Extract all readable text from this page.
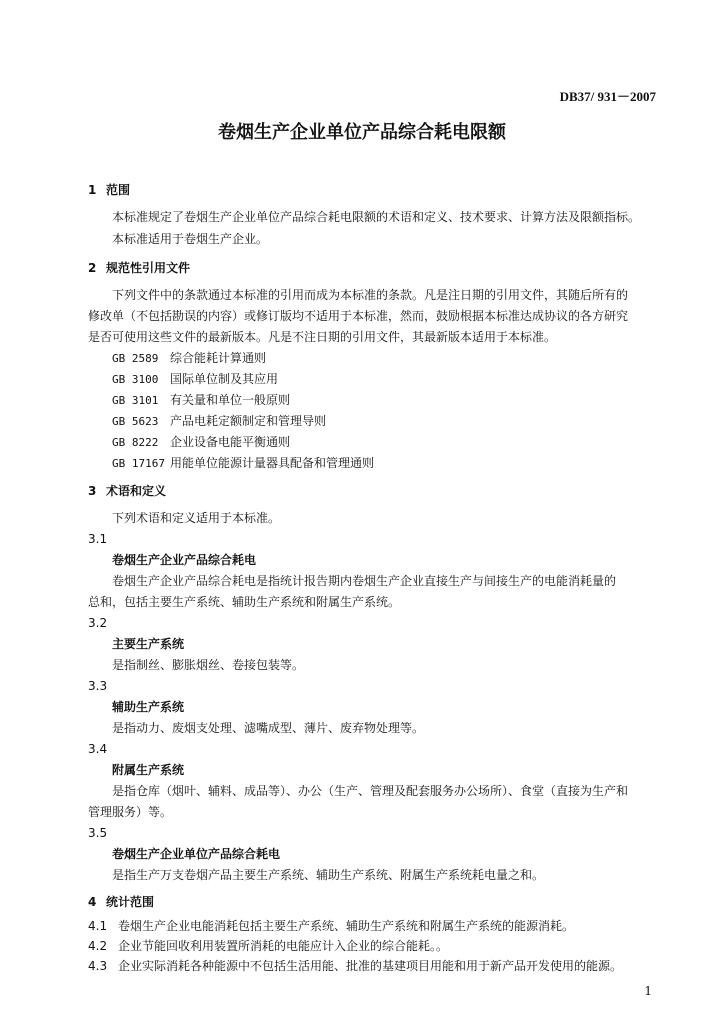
DB37/ 931－2007
卷烟生产企业单位产品综合耗电限额
1 范围
本标准规定了卷烟生产企业单位产品综合耗电限额的术语和定义、技术要求、计算方法及限额指标。
本标准适用于卷烟生产企业。
2 规范性引用文件
下列文件中的条款通过本标准的引用而成为本标准的条款。凡是注日期的引用文件，其随后所有的
修改单（不包括勘误的内容）或修订版均不适用于本标准，然而，鼓励根据本标准达成协议的各方研究
是否可使用这些文件的最新版本。凡是不注日期的引用文件，其最新版本适用于本标准。
GB 2589 综合能耗计算通则
GB 3100 国际单位制及其应用
GB 3101 有关量和单位一般原则
GB 5623 产品电耗定额制定和管理导则
GB 8222 企业设备电能平衡通则
GB 17167 用能单位能源计量器具配备和管理通则
3 术语和定义
下列术语和定义适用于本标准。
3.1
卷烟生产企业产品综合耗电
卷烟生产企业产品综合耗电是指统计报告期内卷烟生产企业直接生产与间接生产的电能消耗量的
总和，包括主要生产系统、辅助生产系统和附属生产系统。
3.2
主要生产系统
是指制丝、膨胀烟丝、卷接包装等。
3.3
辅助生产系统
是指动力、废烟支处理、滤嘴成型、薄片、废弃物处理等。
3.4
附属生产系统
是指仓库（烟叶、辅料、成品等）、办公（生产、管理及配套服务办公场所）、食堂（直接为生产和
管理服务）等。
3.5
卷烟生产企业单位产品综合耗电
是指生产万支卷烟产品主要生产系统、辅助生产系统、附属生产系统耗电量之和。
4 统计范围
4.1 卷烟生产企业电能消耗包括主要生产系统、辅助生产系统和附属生产系统的能源消耗。
4.2 企业节能回收利用装置所消耗的电能应计入企业的综合能耗。。
4.3 企业实际消耗各种能源中不包括生活用能、批准的基建项目用能和用于新产品开发使用的能源。
1
